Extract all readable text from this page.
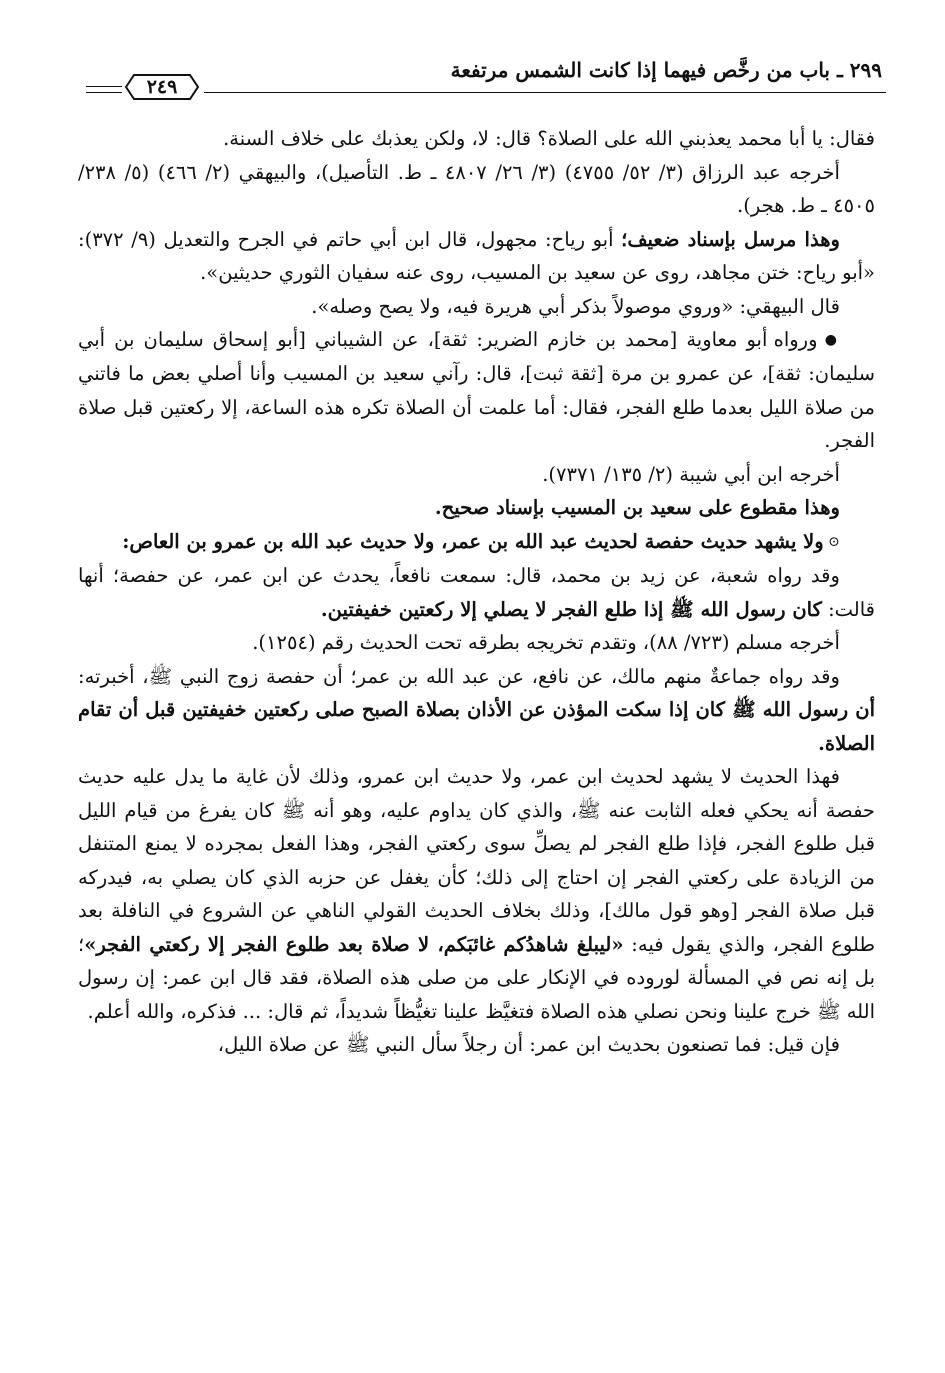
٢٩٩ ـ باب من رخَّص فيهما إذا كانت الشمس مرتفعة
٢٤٩

فقال: يا أبا محمد يعذبني الله على الصلاة؟ قال: لا، ولكن يعذبك على خلاف السنة.

أخرجه عبد الرزاق (٣/ ٥٢/ ٤٧٥٥) (٣/ ٢٦/ ٤٨٠٧ ـ ط. التأصيل)، والبيهقي (٢/ ٤٦٦) (٥/ ٢٣٨/ ٤٥٠٥ ـ ط. هجر).

وهذا مرسل بإسناد ضعيف؛ أبو رياح: مجهول، قال ابن أبي حاتم في الجرح والتعديل (٩/ ٣٧٢): «أبو رياح: ختن مجاهد، روى عن سعيد بن المسيب، روى عنه سفيان الثوري حديثين».

قال البيهقي: «وروي موصولاً بذكر أبي هريرة فيه، ولا يصح وصله».

● ورواه أبو معاوية [محمد بن خازم الضرير: ثقة]، عن الشيباني [أبو إسحاق سليمان بن أبي سليمان: ثقة]، عن عمرو بن مرة [ثقة ثبت]، قال: رآني سعيد بن المسيب وأنا أصلي بعض ما فاتني من صلاة الليل بعدما طلع الفجر، فقال: أما علمت أن الصلاة تكره هذه الساعة، إلا ركعتين قبل صلاة الفجر.

أخرجه ابن أبي شيبة (٢/ ١٣٥/ ٧٣٧١).

وهذا مقطوع على سعيد بن المسيب بإسناد صحيح.

⊙ ولا يشهد حديث حفصة لحديث عبد الله بن عمر، ولا حديث عبد الله بن عمرو بن العاص:

وقد رواه شعبة، عن زيد بن محمد، قال: سمعت نافعاً، يحدث عن ابن عمر، عن حفصة؛ أنها قالت: كان رسول الله ﷺ إذا طلع الفجر لا يصلي إلا ركعتين خفيفتين.

أخرجه مسلم (٧٢٣/ ٨٨)، وتقدم تخريجه بطرقه تحت الحديث رقم (١٢٥٤).

وقد رواه جماعةٌ منهم مالك، عن نافع، عن عبد الله بن عمر؛ أن حفصة زوج النبي ﷺ، أخبرته: أن رسول الله ﷺ كان إذا سكت المؤذن عن الأذان بصلاة الصبح صلى ركعتين خفيفتين قبل أن تقام الصلاة.

فهذا الحديث لا يشهد لحديث ابن عمر، ولا حديث ابن عمرو، وذلك لأن غاية ما يدل عليه حديث حفصة أنه يحكي فعله الثابت عنه ﷺ، والذي كان يداوم عليه، وهو أنه ﷺ كان يفرغ من قيام الليل قبل طلوع الفجر، فإذا طلع الفجر لم يصلِّ سوى ركعتي الفجر، وهذا الفعل بمجرده لا يمنع المتنفل من الزيادة على ركعتي الفجر إن احتاج إلى ذلك؛ كأن يغفل عن حزبه الذي كان يصلي به، فيدركه قبل صلاة الفجر [وهو قول مالك]، وذلك بخلاف الحديث القولي الناهي عن الشروع في النافلة بعد طلوع الفجر، والذي يقول فيه: «ليبلغ شاهدُكم غائبَكم، لا صلاة بعد طلوع الفجر إلا ركعتي الفجر»؛ بل إنه نص في المسألة لوروده في الإنكار على من صلى هذه الصلاة، فقد قال ابن عمر: إن رسول الله ﷺ خرج علينا ونحن نصلي هذه الصلاة فتغيَّظ علينا تغيُّظاً شديداً، ثم قال: ... فذكره، والله أعلم.

فإن قيل: فما تصنعون بحديث ابن عمر: أن رجلاً سأل النبي ﷺ عن صلاة الليل،
